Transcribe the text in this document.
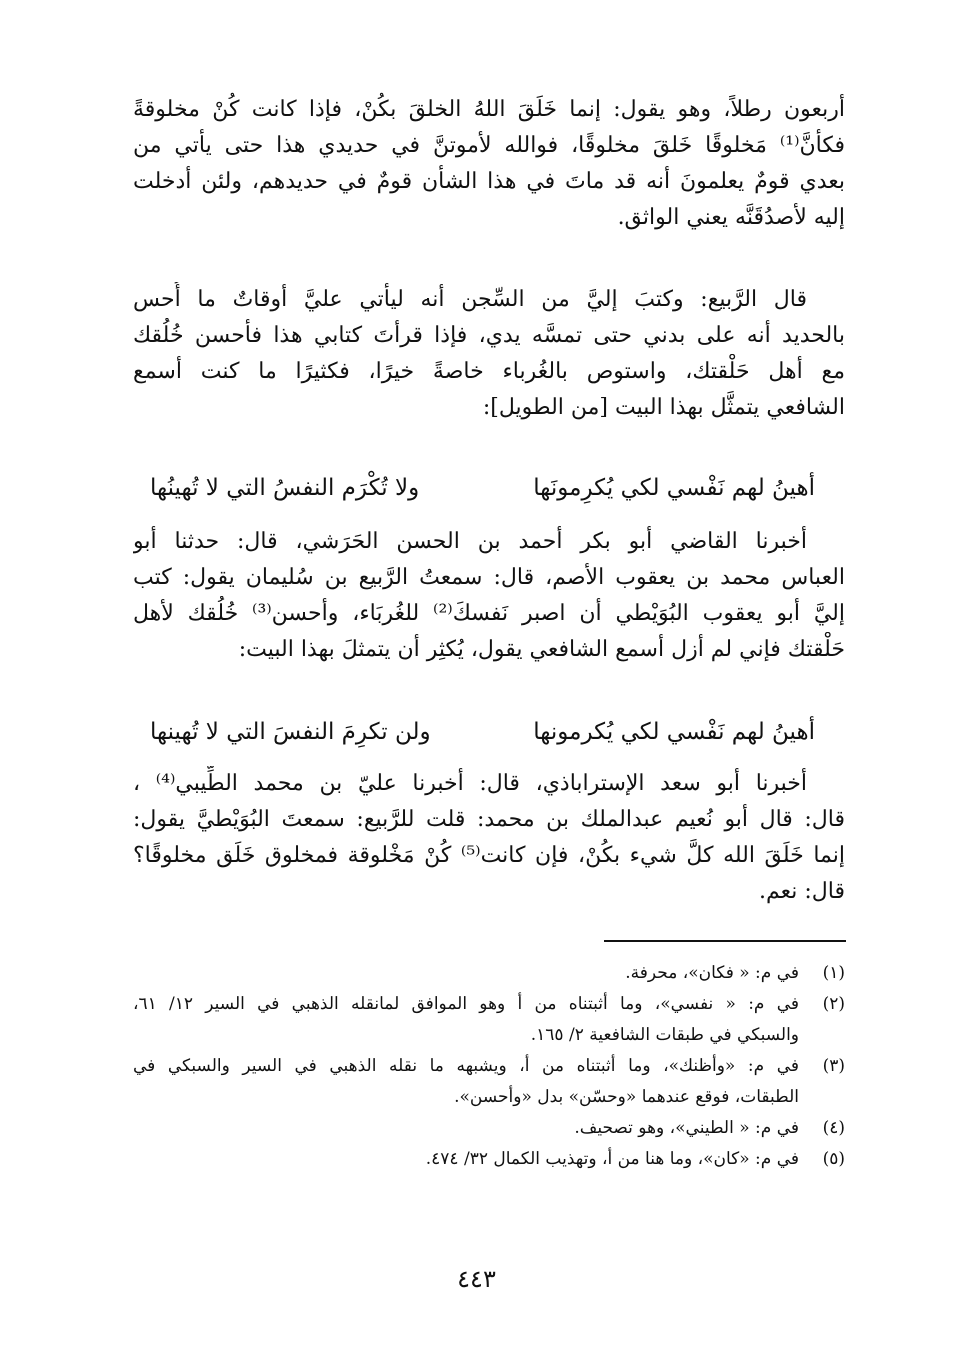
أربعون رطلاً، وهو يقول: إنما خَلَقَ اللهُ الخلقَ بكُنْ، فإذا كانت كُنْ مخلوقةً
فكأنَّ⁽¹⁾ مَخلوقًا خَلقَ مخلوقًا، فوالله لأموتنَّ في حديدي هذا حتى يأتي من
بعدي قومٌ يعلمونَ أنه قد ماتَ في هذا الشأن قومٌ في حديدهم، ولئن أدخلت
إليه لأصدُقَنَّه يعني الواثق.
قال الرَّبيع: وكتبَ إليَّ من السِّجن أنه ليأتي عليَّ أوقاتٌ ما أُحس
بالحديد أنه على بدني حتى تمسَّه يدي، فإذا قرأتَ كتابي هذا فأحسن خُلُقك
مع أهل حَلْقتك، واستوص بالغُرباء خاصةً خيرًا، فكثيرًا ما كنت أسمع
الشافعي يتمثَّل بهذا البيت [من الطويل]:
أهينُ لهم نَفْسي لكي يُكرِمونَها
ولا تُكْرَم النفسُ التي لا تُهينُها
أخبرنا القاضي أبو بكر أحمد بن الحسن الحَرَشي، قال: حدثنا أبو
العباس محمد بن يعقوب الأصم، قال: سمعتُ الرَّبيع بن سُليمان يقول: كتب
إليَّ أبو يعقوب البُوَيْطي أن اصبر نَفسكَ⁽²⁾ للغُربَاء، وأحسن⁽³⁾ خُلُقك لأهل
حَلْقتك فإني لم أزل أسمع الشافعي يقول، يُكثِر أن يتمثلَ بهذا البيت:
أهينُ لهم نَفْسي لكي يُكرمونها
ولن تكرِمَ النفسَ التي لا تُهينها
أخبرنا أبو سعد الإستراباذي، قال: أخبرنا عليّ بن محمد الطِّيبي⁽⁴⁾ ،
قال: قال أبو نُعيم عبدالملك بن محمد: قلت للرَّبيع: سمعتَ البُوَيْطيَّ يقول:
إنما خَلَقَ الله كلَّ شيء بكُنْ، فإن كانت⁽⁵⁾ كُنْ مَخْلوقة فمخلوق خَلَق مخلوقًا؟
قال: نعم.
(١)
في م: « فكان»، محرفة.
(٢)
في م: « نفسي»، وما أثبتناه من أ وهو الموافق لمانقله الذهبي في السير ١٢/ ٦١،
والسبكي في طبقات الشافعية ٢/ ١٦٥.
(٣)
في م: «وأظنك»، وما أثبتناه من أ، ويشبهه ما نقله الذهبي في السير والسبكي في
الطبقات، فوقع عندهما «وحسّن» بدل «وأحسن».
(٤)
في م: « الطيني»، وهو تصحيف.
(٥)
في م: «كان»، وما هنا من أ، وتهذيب الكمال ٣٢/ ٤٧٤.
٤٤٣
